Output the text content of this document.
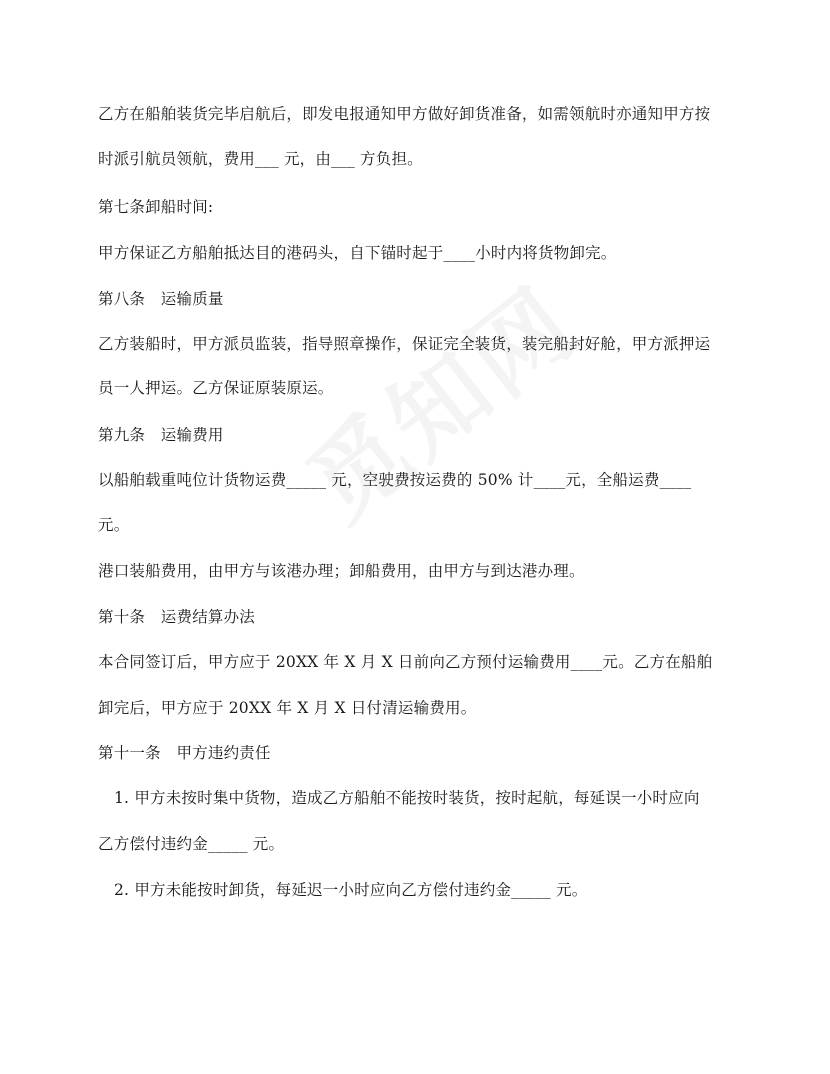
乙方在船舶装货完毕启航后，即发电报通知甲方做好卸货准备，如需领航时亦通知甲方按
时派引航员领航，费用___ 元，由___ 方负担。
第七条卸船时间:
甲方保证乙方船舶抵达目的港码头，自下锚时起于____小时内将货物卸完。
第八条　运输质量
乙方装船时，甲方派员监装，指导照章操作，保证完全装货，装完船封好舱，甲方派押运
员一人押运。乙方保证原装原运。
第九条　运输费用
以船舶载重吨位计货物运费_____ 元，空驶费按运费的 50% 计____元，全船运费____
元。
港口装船费用，由甲方与该港办理；卸船费用，由甲方与到达港办理。
第十条　运费结算办法
本合同签订后，甲方应于 20XX 年 X 月 X 日前向乙方预付运输费用____元。乙方在船舶
卸完后，甲方应于 20XX 年 X 月 X 日付清运输费用。
第十一条　甲方违约责任
1. 甲方未按时集中货物，造成乙方船舶不能按时装货，按时起航，每延误一小时应向
乙方偿付违约金_____ 元。
2. 甲方未能按时卸货，每延迟一小时应向乙方偿付违约金_____ 元。
